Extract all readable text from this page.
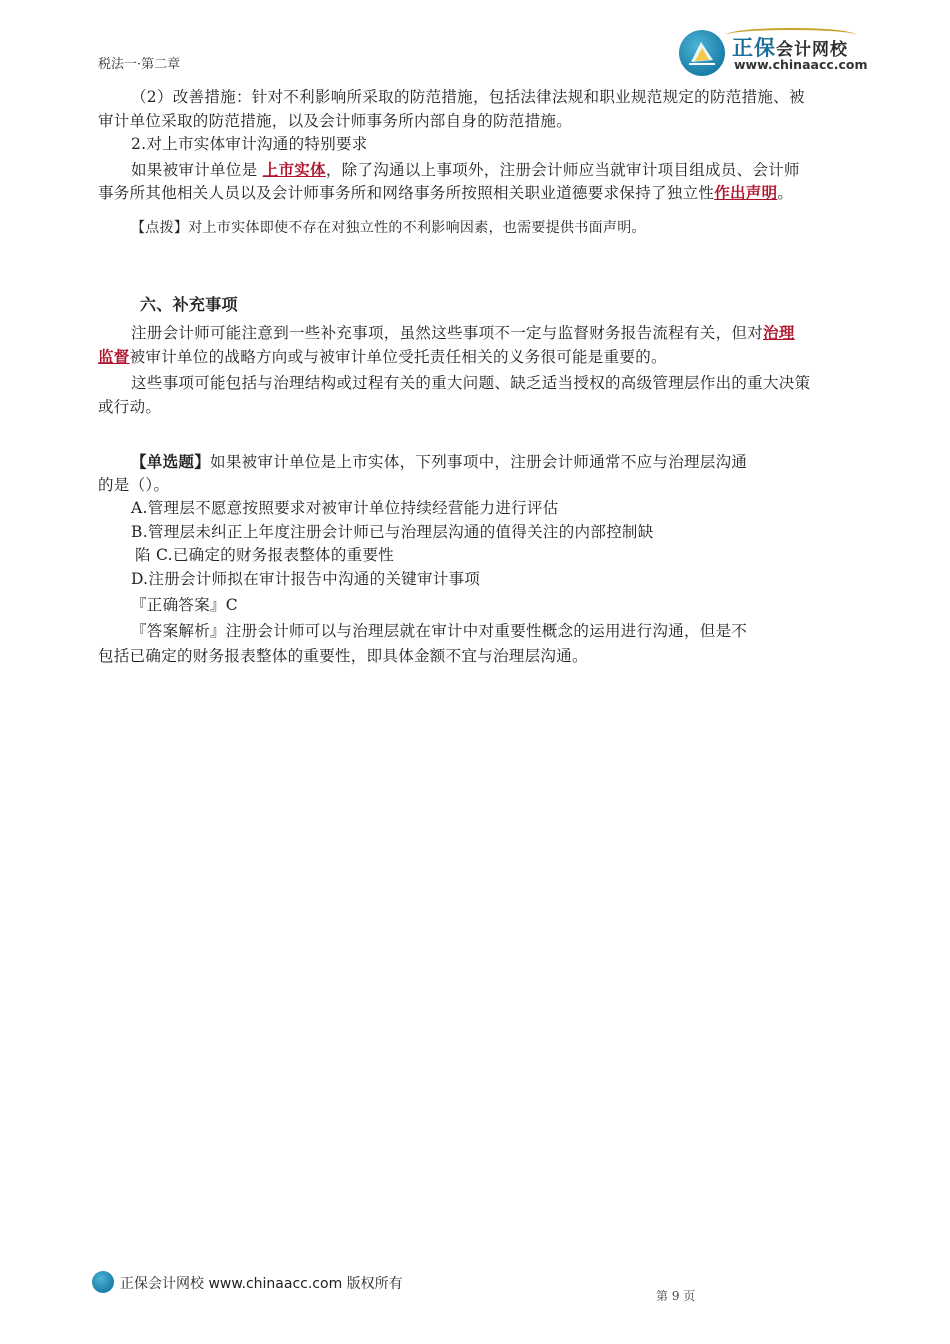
税法一·第二章
正保会计网校
www.chinaacc.com
（2）改善措施：针对不利影响所采取的防范措施，包括法律法规和职业规范规定的防范措施、被
审计单位采取的防范措施，以及会计师事务所内部自身的防范措施。
2.对上市实体审计沟通的特别要求
如果被审计单位是 上市实体，除了沟通以上事项外，注册会计师应当就审计项目组成员、会计师
事务所其他相关人员以及会计师事务所和网络事务所按照相关职业道德要求保持了独立性作出声明。
【点拨】对上市实体即使不存在对独立性的不利影响因素，也需要提供书面声明。
六、补充事项
注册会计师可能注意到一些补充事项，虽然这些事项不一定与监督财务报告流程有关，但对治理
监督被审计单位的战略方向或与被审计单位受托责任相关的义务很可能是重要的。
这些事项可能包括与治理结构或过程有关的重大问题、缺乏适当授权的高级管理层作出的重大决策
或行动。
【单选题】如果被审计单位是上市实体，下列事项中，注册会计师通常不应与治理层沟通
的是（）。
A.管理层不愿意按照要求对被审计单位持续经营能力进行评估
B.管理层未纠正上年度注册会计师已与治理层沟通的值得关注的内部控制缺
陷 C.已确定的财务报表整体的重要性
D.注册会计师拟在审计报告中沟通的关键审计事项
『正确答案』C
『答案解析』注册会计师可以与治理层就在审计中对重要性概念的运用进行沟通，但是不
包括已确定的财务报表整体的重要性，即具体金额不宜与治理层沟通。
正保会计网校 www.chinaacc.com 版权所有
第 9 页
